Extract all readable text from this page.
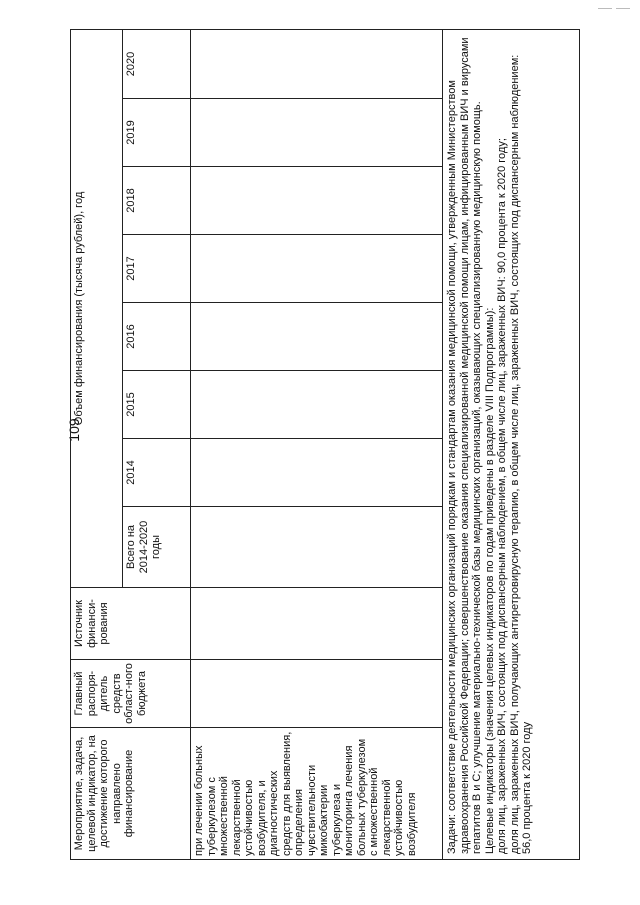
109
Мероприятие, задача, целевой индикатор, на достижение которого направлено финансирование	Главный распоря-дитель средств област-ного бюджета	Источник финанси-рования	Объем финансирования (тысяча рублей), год							
			Всего на 2014-2020 годы	2014	2015	2016	2017	2018	2019	2020
при лечении больных туберкулезом с множественной лекарственной устойчивостью возбудителя, и диагностических средств для выявления, определения чувствительности микобактерии туберкулеза и мониторинга лечения больных туберкулезом с множественной лекарственной устойчивостью возбудителя										

Задачи: соответствие деятельности медицинских организаций порядкам и стандартам оказания медицинской помощи, утвержденным Министерством здравоохранения Российской Федерации; совершенствование оказания специализированной медицинской помощи лицам, инфицированным ВИЧ и вирусами гепатитов В и С; улучшение материально-технической базы медицинских организаций, оказывающих специализированную медицинскую помощь. Целевые индикаторы (значения целевых индикаторов по годам приведены в разделе VIII Подпрограммы): доля лиц, зараженных ВИЧ, состоящих под диспансерным наблюдением, в общем числе лиц, зараженных ВИЧ: 90,0 процента к 2020 году; доля лиц, зараженных ВИЧ, получающих антиретровирусную терапию, в общем числе лиц, зараженных ВИЧ, состоящих под диспансерным наблюдением: 56,0 процента к 2020 году										
